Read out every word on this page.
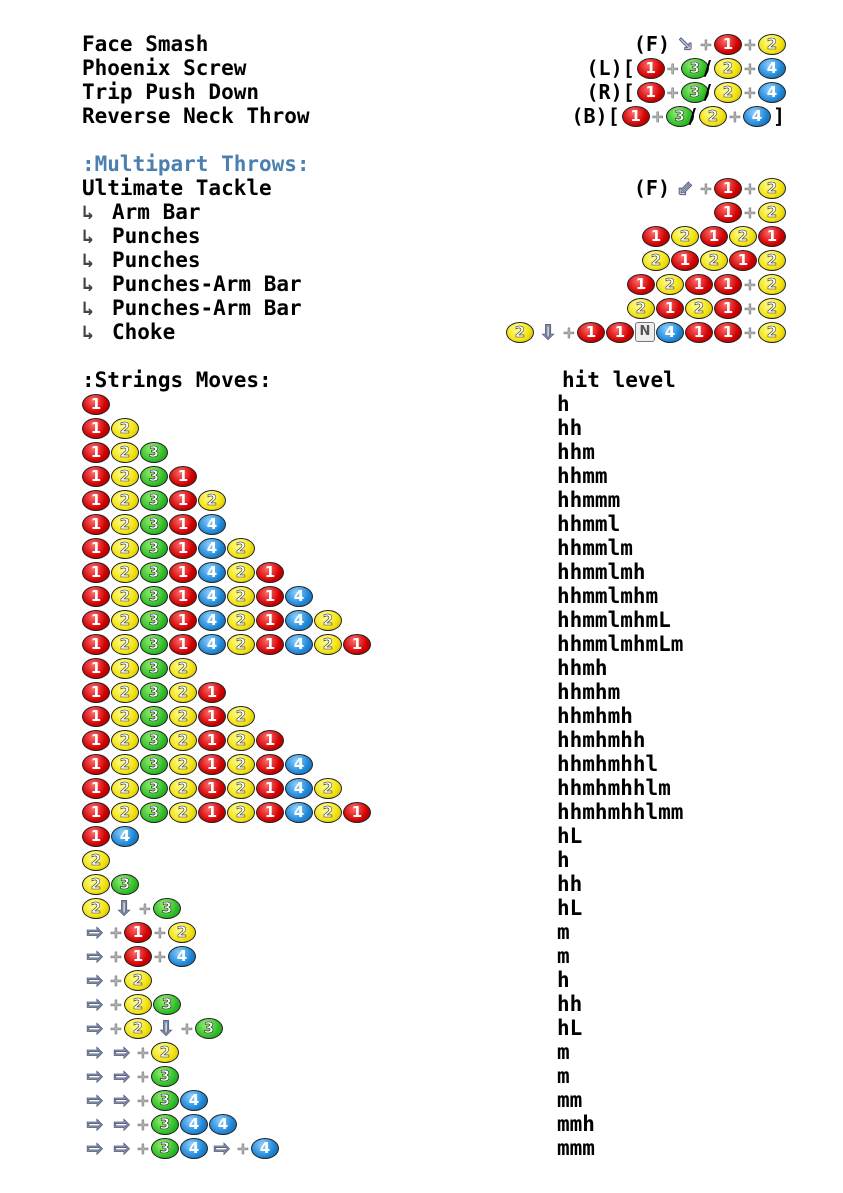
Face Smash	(F) ↘ + 1 + 2
Phoenix Screw	(L)[ 1 + 3 / 2 + 4
Trip Push Down	(R)[ 1 + 3 / 2 + 4
Reverse Neck Throw	(B)[ 1 + 3 / 2 + 4 ]
:Multipart Throws:
Ultimate Tackle	(F) ⇙ + 1 + 2
↳ Arm Bar	1 + 2
↳ Punches	1	2	1	2	1
↳ Punches	2	1	2	1	2
↳ Punches-Arm Bar	1	2	1	1 + 2
↳ Punches-Arm Bar	2	1	2	1 + 2
↳ Choke	2 ⇩ + 1	1	N 4	1	1 + 2
:Strings Moves:	hit level
1	h
1	2	hh
1	2	3	hhm
1	2	3	1	hhmm
1	2	3	1	2	hhmmm
1	2	3	1	4	hhmml
1	2	3	1	4	2	hhmmlm
1	2	3	1	4	2	1	hhmmlmh
1	2	3	1	4	2	1	4	hhmmlmhm
1	2	3	1	4	2	1	4	2	hhmmlmhmL
1	2	3	1	4	2	1	4	2	1	hhmmlmhmLm
1	2	3	2	hhmh
1	2	3	2	1	hhmhm
1	2	3	2	1	2	hhmhmh
1	2	3	2	1	2	1	hhmhmhh
1	2	3	2	1	2	1	4	hhmhmhhl
1	2	3	2	1	2	1	4	2	hhmhmhhlm
1	2	3	2	1	2	1	4	2	1	hhmhmhhlmm
1	4	hL
2	h
2	3	hh
2 ⇩ + 3	hL
⇨ + 1 + 2	m
⇨ + 1 + 4	m
⇨ + 2	h
⇨ + 2	3	hh
⇨ + 2 ⇩ + 3	hL
⇨ ⇨ + 2	m
⇨ ⇨ + 3	m
⇨ ⇨ + 3	4	mm
⇨ ⇨ + 3	4	4	mmh
⇨ ⇨ + 3	4 ⇨ + 4	mmm
